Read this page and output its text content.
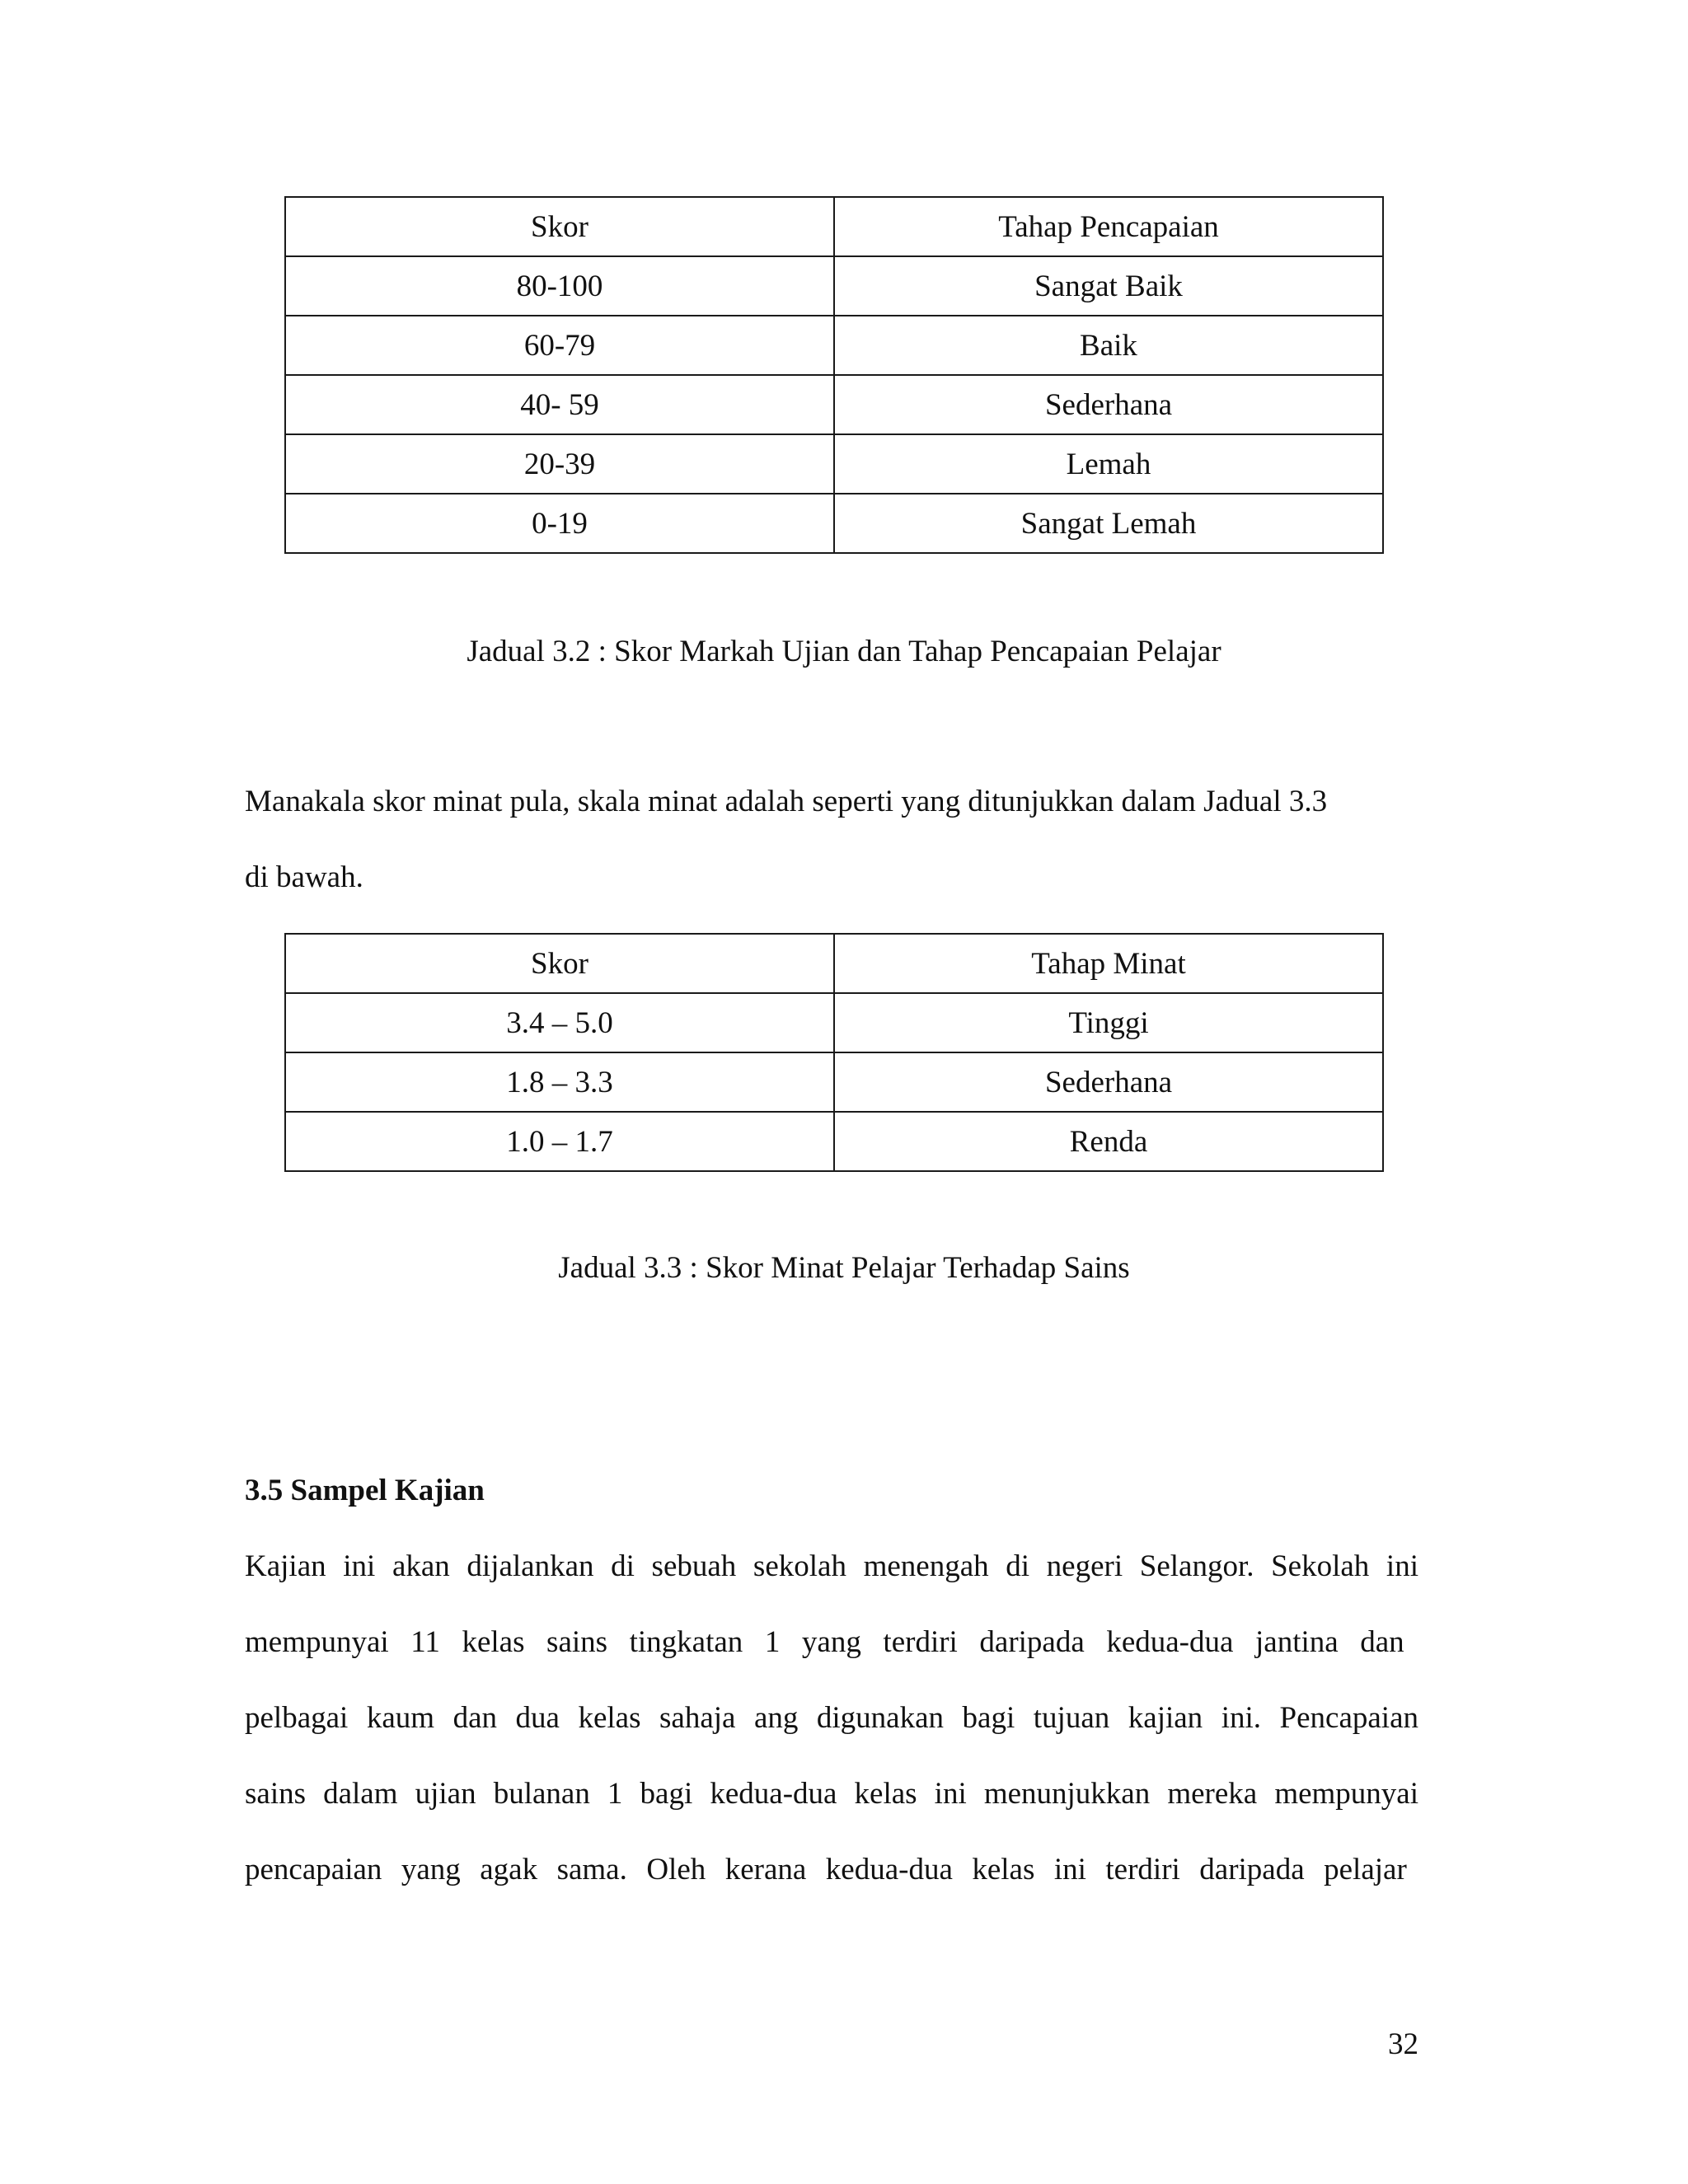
Skor	Tahap Pencapaian
80-100	Sangat Baik
60-79	Baik
40- 59	Sederhana
20-39	Lemah
0-19	Sangat Lemah
Jadual 3.2 : Skor Markah Ujian dan Tahap Pencapaian Pelajar
Manakala skor minat pula, skala minat adalah seperti yang ditunjukkan dalam Jadual 3.3
di bawah.
Skor	Tahap Minat
3.4 – 5.0	Tinggi
1.8 – 3.3	Sederhana
1.0 – 1.7	Renda
Jadual 3.3 : Skor Minat Pelajar Terhadap Sains
3.5 Sampel Kajian
Kajian ini akan dijalankan di sebuah sekolah menengah di negeri Selangor. Sekolah ini
mempunyai 11 kelas sains tingkatan 1 yang terdiri daripada kedua-dua jantina dan
pelbagai kaum dan dua kelas sahaja ang digunakan bagi tujuan kajian ini. Pencapaian
sains dalam ujian bulanan 1 bagi kedua-dua kelas ini menunjukkan mereka mempunyai
pencapaian yang agak sama. Oleh kerana kedua-dua kelas ini terdiri daripada pelajar
32
